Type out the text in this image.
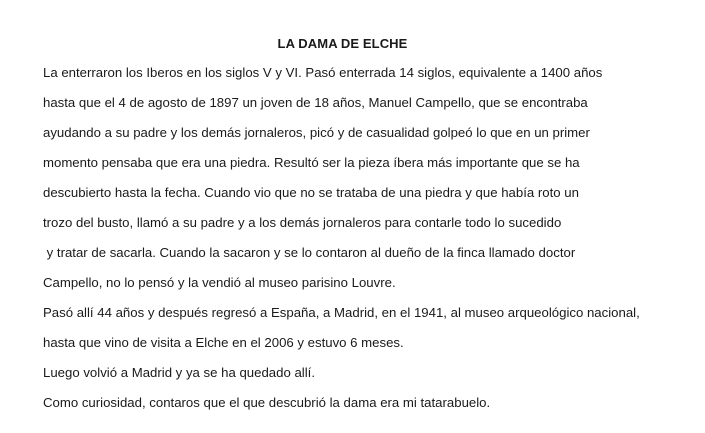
LA DAMA DE ELCHE
La enterraron los Iberos en los siglos V y VI. Pasó enterrada 14 siglos, equivalente a 1400 años
hasta que el 4 de agosto de 1897 un joven de 18 años, Manuel Campello, que se encontraba
ayudando a su padre y los demás jornaleros, picó y de casualidad golpeó lo que en un primer
momento pensaba que era una piedra. Resultó ser la pieza íbera más importante que se ha
descubierto hasta la fecha. Cuando vio que no se trataba de una piedra y que había roto un
trozo del busto, llamó a su padre y a los demás jornaleros para contarle todo lo sucedido
y tratar de sacarla. Cuando la sacaron y se lo contaron al dueño de la finca llamado doctor
Campello, no lo pensó y la vendió al museo parisino Louvre.
Pasó allí 44 años y después regresó a España, a Madrid, en el 1941, al museo arqueológico nacional,
hasta que vino de visita a Elche en el 2006 y estuvo 6 meses.
Luego volvió a Madrid y ya se ha quedado allí.
Como curiosidad, contaros que el que descubrió la dama era mi tatarabuelo.
